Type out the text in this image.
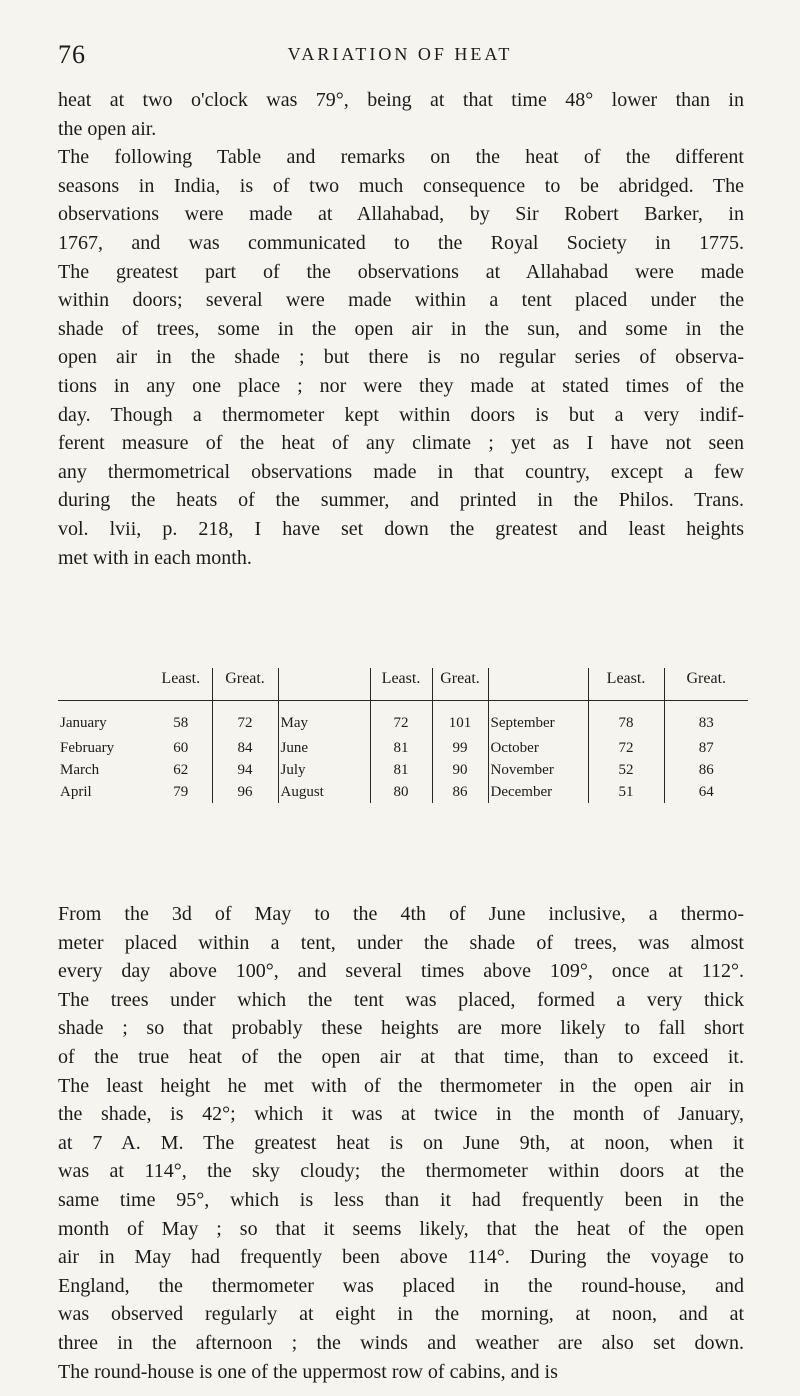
76	VARIATION OF HEAT
heat at two o'clock was 79°, being at that time 48° lower than in
the open air.
The following Table and remarks on the heat of the different
seasons in India, is of two much consequence to be abridged. The
observations were made at Allahabad, by Sir Robert Barker, in
1767, and was communicated to the Royal Society in 1775.
The greatest part of the observations at Allahabad were made
within doors; several were made within a tent placed under the
shade of trees, some in the open air in the sun, and some in the
open air in the shade ; but there is no regular series of observa-
tions in any one place ; nor were they made at stated times of the
day. Though a thermometer kept within doors is but a very indif-
ferent measure of the heat of any climate ; yet as I have not seen
any thermometrical observations made in that country, except a few
during the heats of the summer, and printed in the Philos. Trans.
vol. lvii, p. 218, I have set down the greatest and least heights
met with in each month.
	Least.	Great.		Least.	Great.		Least.	Great.
January	58	72	May	72	101	September	78	83
February	60	84	June	81	99	October	72	87
March	62	94	July	81	90	November	52	86
April	79	96	August	80	86	December	51	64
From the 3d of May to the 4th of June inclusive, a thermo-
meter placed within a tent, under the shade of trees, was almost
every day above 100°, and several times above 109°, once at 112°.
The trees under which the tent was placed, formed a very thick
shade ; so that probably these heights are more likely to fall short
of the true heat of the open air at that time, than to exceed it.
The least height he met with of the thermometer in the open air in
the shade, is 42°; which it was at twice in the month of January,
at 7 A. M. The greatest heat is on June 9th, at noon, when it
was at 114°, the sky cloudy; the thermometer within doors at the
same time 95°, which is less than it had frequently been in the
month of May ; so that it seems likely, that the heat of the open
air in May had frequently been above 114°. During the voyage to
England, the thermometer was placed in the round-house, and
was observed regularly at eight in the morning, at noon, and at
three in the afternoon ; the winds and weather are also set down.
The round-house is one of the uppermost row of cabins, and is
